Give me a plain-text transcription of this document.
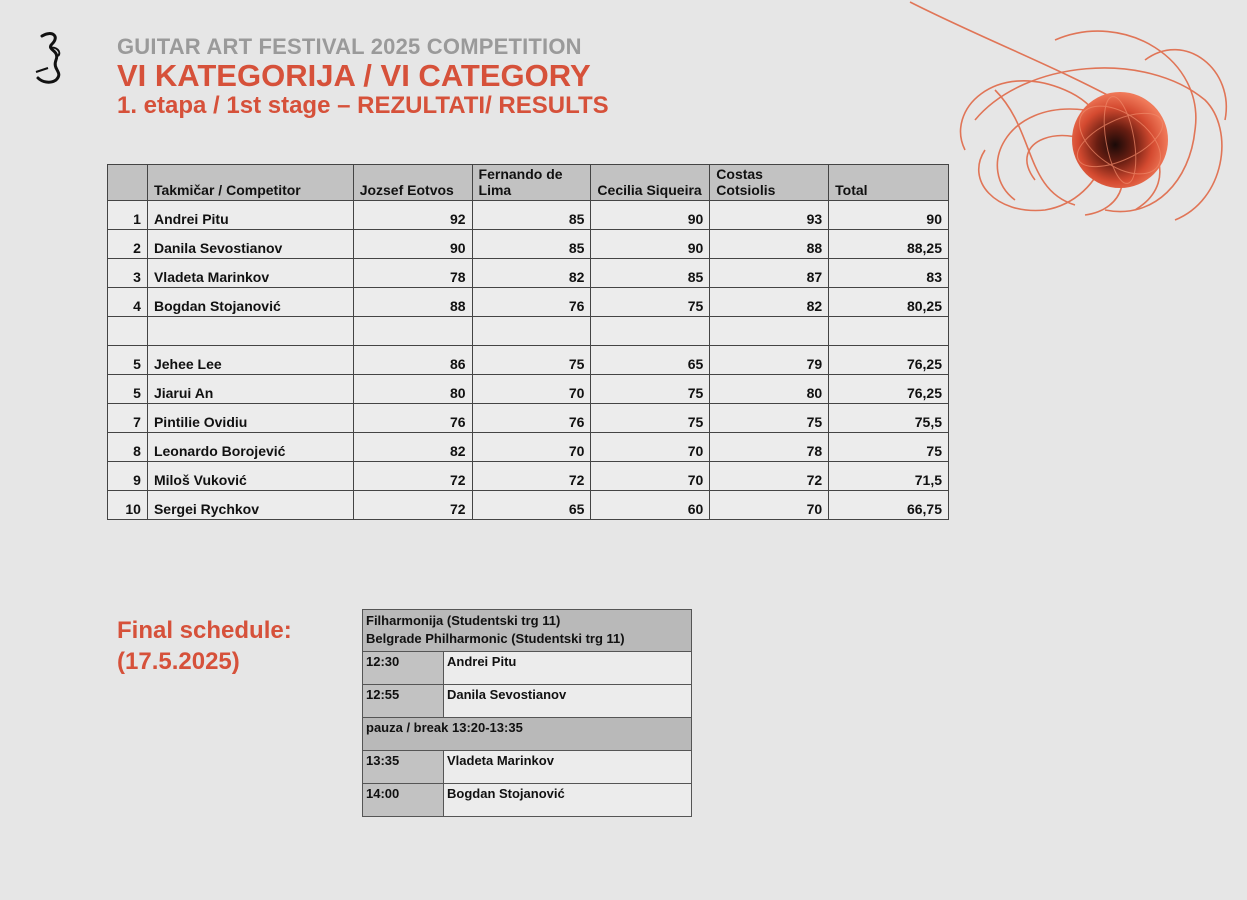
GUITAR ART FESTIVAL 2025 COMPETITION

VI KATEGORIJA / VI CATEGORY

1. etapa / 1st stage – REZULTATI/ RESULTS

	Takmičar / Competitor	Jozsef Eotvos	Fernando de Lima	Cecilia Siqueira	Costas Cotsiolis	Total
1	Andrei Pitu	92	85	90	93	90
2	Danila Sevostianov	90	85	90	88	88,25
3	Vladeta Marinkov	78	82	85	87	83
4	Bogdan Stojanović	88	76	75	82	80,25

5	Jehee Lee	86	75	65	79	76,25
5	Jiarui An	80	70	75	80	76,25
7	Pintilie Ovidiu	76	76	75	75	75,5
8	Leonardo Borojević	82	70	70	78	75
9	Miloš Vuković	72	72	70	72	71,5
10	Sergei Rychkov	72	65	60	70	66,75
Final schedule:
(17.5.2025)
Filharmonija (Studentski trg 11)
Belgrade Philharmonic (Studentski trg 11)	

12:30	Andrei Pitu
12:55	Danila Sevostianov
pauza / break 13:20-13:35	
13:35	Vladeta Marinkov
14:00	Bogdan Stojanović
